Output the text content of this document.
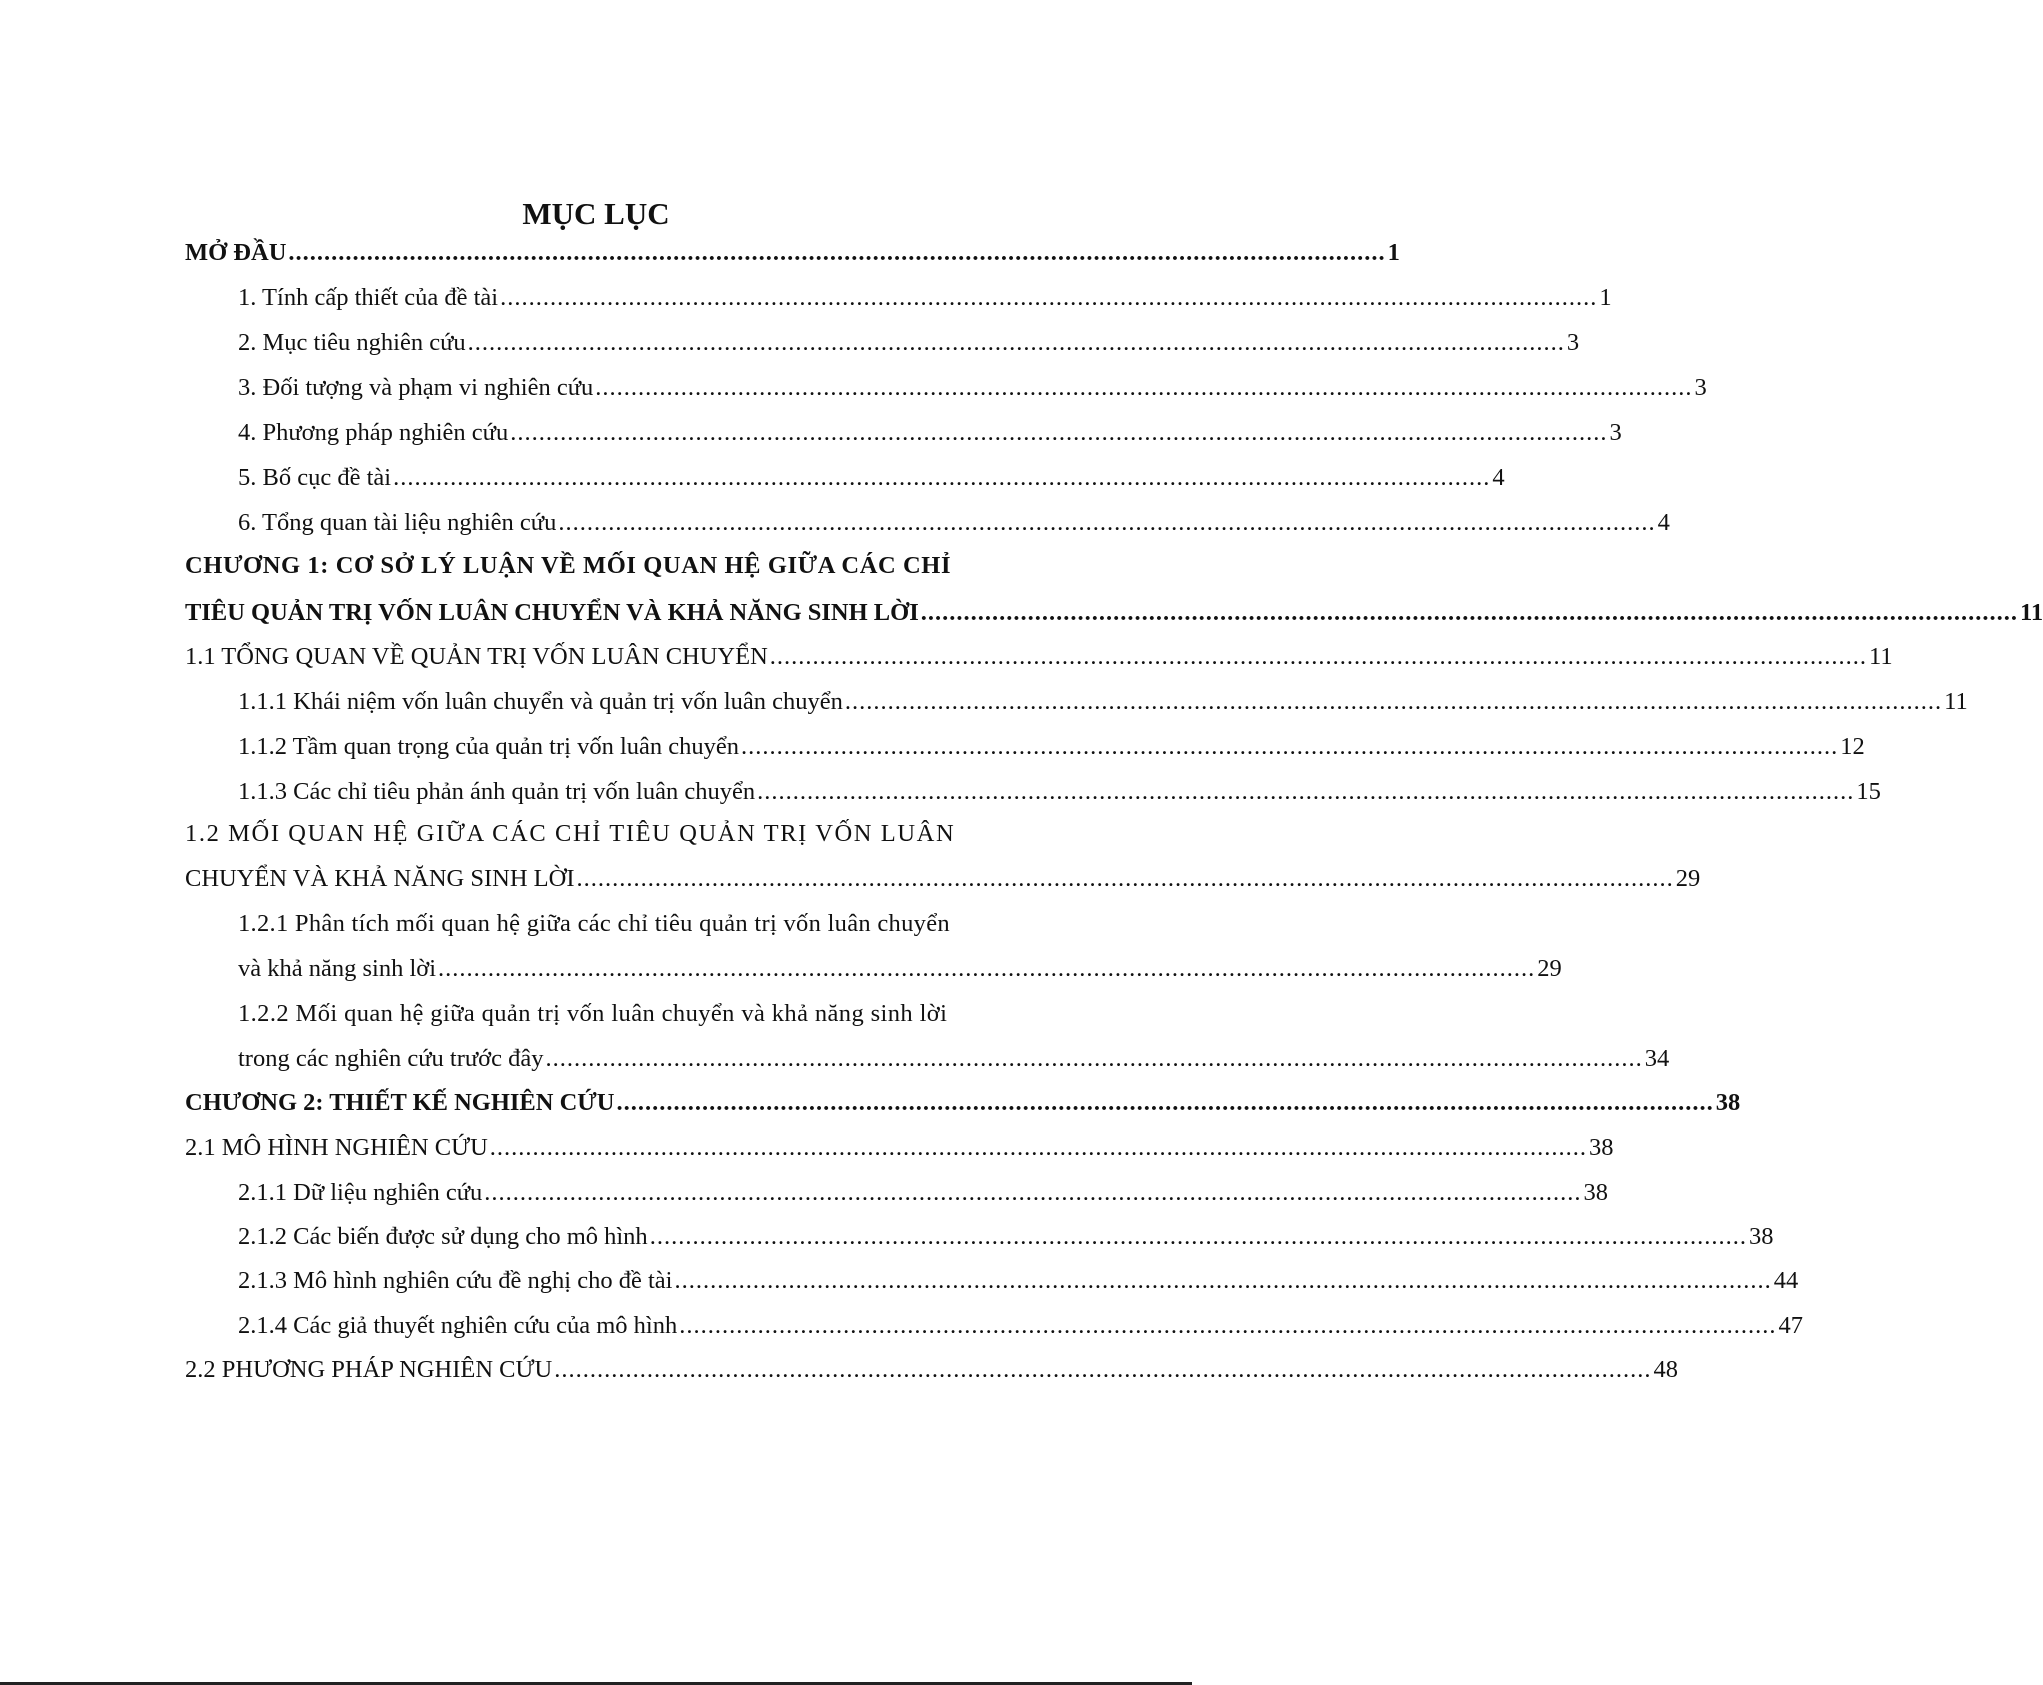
MỤC LỤC
MỞ ĐẦU .......................................................................................................................................................... 1
1. Tính cấp thiết của đề tài .......................................................................................................................................................... 1
2. Mục tiêu nghiên cứu .......................................................................................................................................................... 3
3. Đối tượng và phạm vi nghiên cứu .......................................................................................................................................................... 3
4. Phương pháp nghiên cứu .......................................................................................................................................................... 3
5. Bố cục đề tài .......................................................................................................................................................... 4
6. Tổng quan tài liệu nghiên cứu .......................................................................................................................................................... 4
CHƯƠNG 1: CƠ SỞ LÝ LUẬN VỀ MỐI QUAN HỆ GIỮA CÁC CHỈ
TIÊU QUẢN TRỊ VỐN LUÂN CHUYỂN VÀ KHẢ NĂNG SINH LỜI .......................................................................................................................................................... 11
1.1 TỔNG QUAN VỀ QUẢN TRỊ VỐN LUÂN CHUYỂN .......................................................................................................................................................... 11
1.1.1 Khái niệm vốn luân chuyển và quản trị vốn luân chuyển .......................................................................................................................................................... 11
1.1.2 Tầm quan trọng của quản trị vốn luân chuyển .......................................................................................................................................................... 12
1.1.3 Các chỉ tiêu phản ánh quản trị vốn luân chuyển .......................................................................................................................................................... 15
1.2 MỐI QUAN HỆ GIỮA CÁC CHỈ TIÊU QUẢN TRỊ VỐN LUÂN
CHUYỂN VÀ KHẢ NĂNG SINH LỜI .......................................................................................................................................................... 29
1.2.1 Phân tích mối quan hệ giữa các chỉ tiêu quản trị vốn luân chuyển
và khả năng sinh lời .......................................................................................................................................................... 29
1.2.2 Mối quan hệ giữa quản trị vốn luân chuyển và khả năng sinh lời
trong các nghiên cứu trước đây .......................................................................................................................................................... 34
CHƯƠNG 2: THIẾT KẾ NGHIÊN CỨU .......................................................................................................................................................... 38
2.1 MÔ HÌNH NGHIÊN CỨU .......................................................................................................................................................... 38
2.1.1 Dữ liệu nghiên cứu .......................................................................................................................................................... 38
2.1.2 Các biến được sử dụng cho mô hình .......................................................................................................................................................... 38
2.1.3 Mô hình nghiên cứu đề nghị cho đề tài .......................................................................................................................................................... 44
2.1.4 Các giả thuyết nghiên cứu của mô hình .......................................................................................................................................................... 47
2.2 PHƯƠNG PHÁP NGHIÊN CỨU .......................................................................................................................................................... 48
